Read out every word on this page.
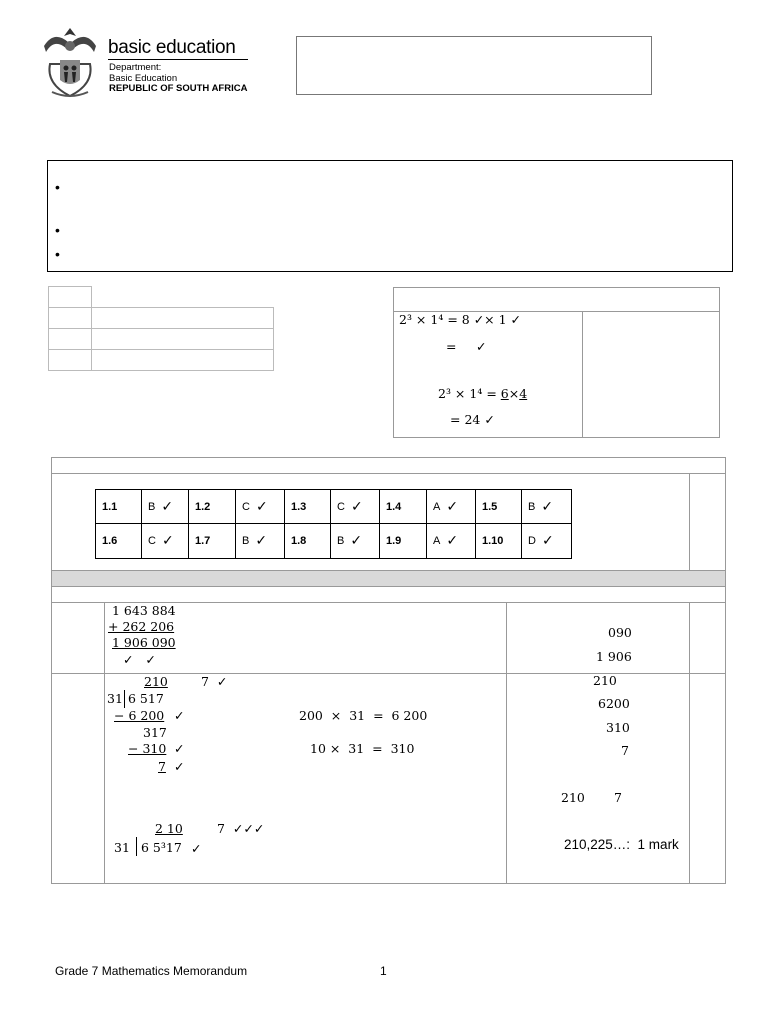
basic education
Department:
Basic Education
REPUBLIC OF SOUTH AFRICA
•
•
•
2³ × 1⁴ = 8 ✓× 1 ✓
= ✓
2³ × 1⁴ = 6×4
= 24 ✓
1.1	B ✓	1.2	C ✓	1.3	C ✓	1.4	A ✓	1.5	B ✓
1.6	C ✓	1.7	B ✓	1.8	B ✓	1.9	A ✓	1.10	D ✓
1 643 884
+ 262 206
1 906 090
✓   ✓
090
1 906
210	7  ✓
31 6 517
− 6 200 ✓	200  ×  31  =  6 200
317
− 310 ✓	10 ×  31  =  310
7 ✓
210
6200
310
7
210 7
2 10	7  ✓✓✓
31 6 5³17 ✓	210,225…:  1 mark
Grade 7 Mathematics Memorandum	1
